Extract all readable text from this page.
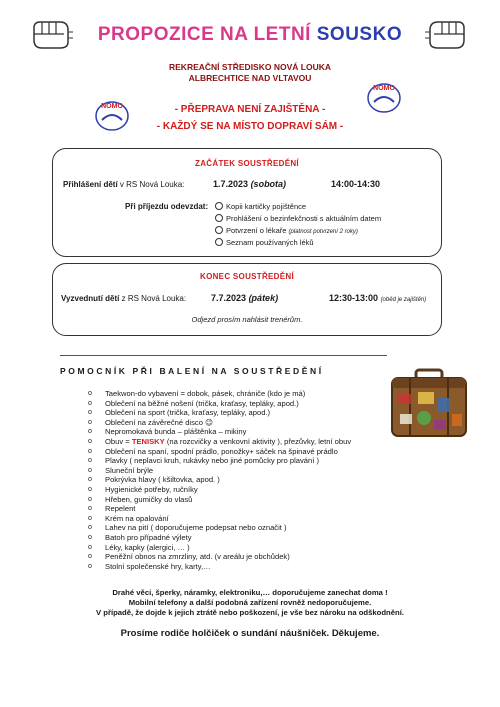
PROPOZICE NA LETNÍ SOUSKO
REKREAČNÍ STŘEDISKO NOVÁ LOUKA
ALBRECHTICE NAD VLTAVOU
NOMO
NOMO
- PŘEPRAVA NENÍ ZAJIŠTĚNA -
- KAŽDÝ SE NA MÍSTO DOPRAVÍ SÁM -
ZAČÁTEK SOUSTŘEDĚNÍ
Přihlášení dětí v RS Nová Louka:	1.7.2023 (sobota)	14:00-14:30
Při příjezdu odevzdat:	Kopii kartičky pojištěnce
Prohlášení o bezinfekčnosti s aktuálním datem
Potvrzení o lékaře (platnost potvrzení 2 roky)
Seznam používaných léků
KONEC SOUSTŘEDĚNÍ
Vyzvednutí dětí z RS Nová Louka:	7.7.2023 (pátek)	12:30-13:00 (oběd je zajištěn)
Odjezd prosím nahlásit trenérům.
POMOCNÍK PŘI BALENÍ NA SOUSTŘEDĚNÍ
o Taekwon-do vybavení = dobok, pásek, chrániče (kdo je má)
o Oblečení na běžné nošení (trička, kraťasy, tepláky, apod.)
o Oblečení na sport (trička, kraťasy, tepláky, apod.)
o Oblečení na závěrečné disco 😉
o Nepromokavá bunda – pláštěnka – mikiny
o Obuv = TENISKY (na rozcvičky a venkovní aktivity ), přezůvky, letní obuv
o Oblečení na spaní, spodní prádlo, ponožky+ sáček na špinavé prádlo
o Plavky ( neplavci kruh, rukávky nebo jiné pomůcky pro plavání )
o Sluneční brýle
o Pokrývka hlavy ( kšiltovka, apod. )
o Hygienické potřeby, ručníky
o Hřeben, gumičky do vlasů
o Repelent
o Krém na opalování
o Lahev na pití ( doporučujeme podepsat nebo označit )
o Batoh pro případné výlety
o Léky, kapky (alergici, … )
o Peněžní obnos na zmrzliny, atd. (v areálu je obchůdek)
o Stolní společenské hry, karty,…
Drahé věci, šperky, náramky, elektroniku,… doporučujeme zanechat doma !
Mobilní telefony a další podobná zařízení rovněž nedoporučujeme.
V případě, že dojde k jejich ztrátě nebo poškození, je vše bez nároku na odškodnění.
Prosíme rodiče holčiček o sundání náušniček. Děkujeme.
